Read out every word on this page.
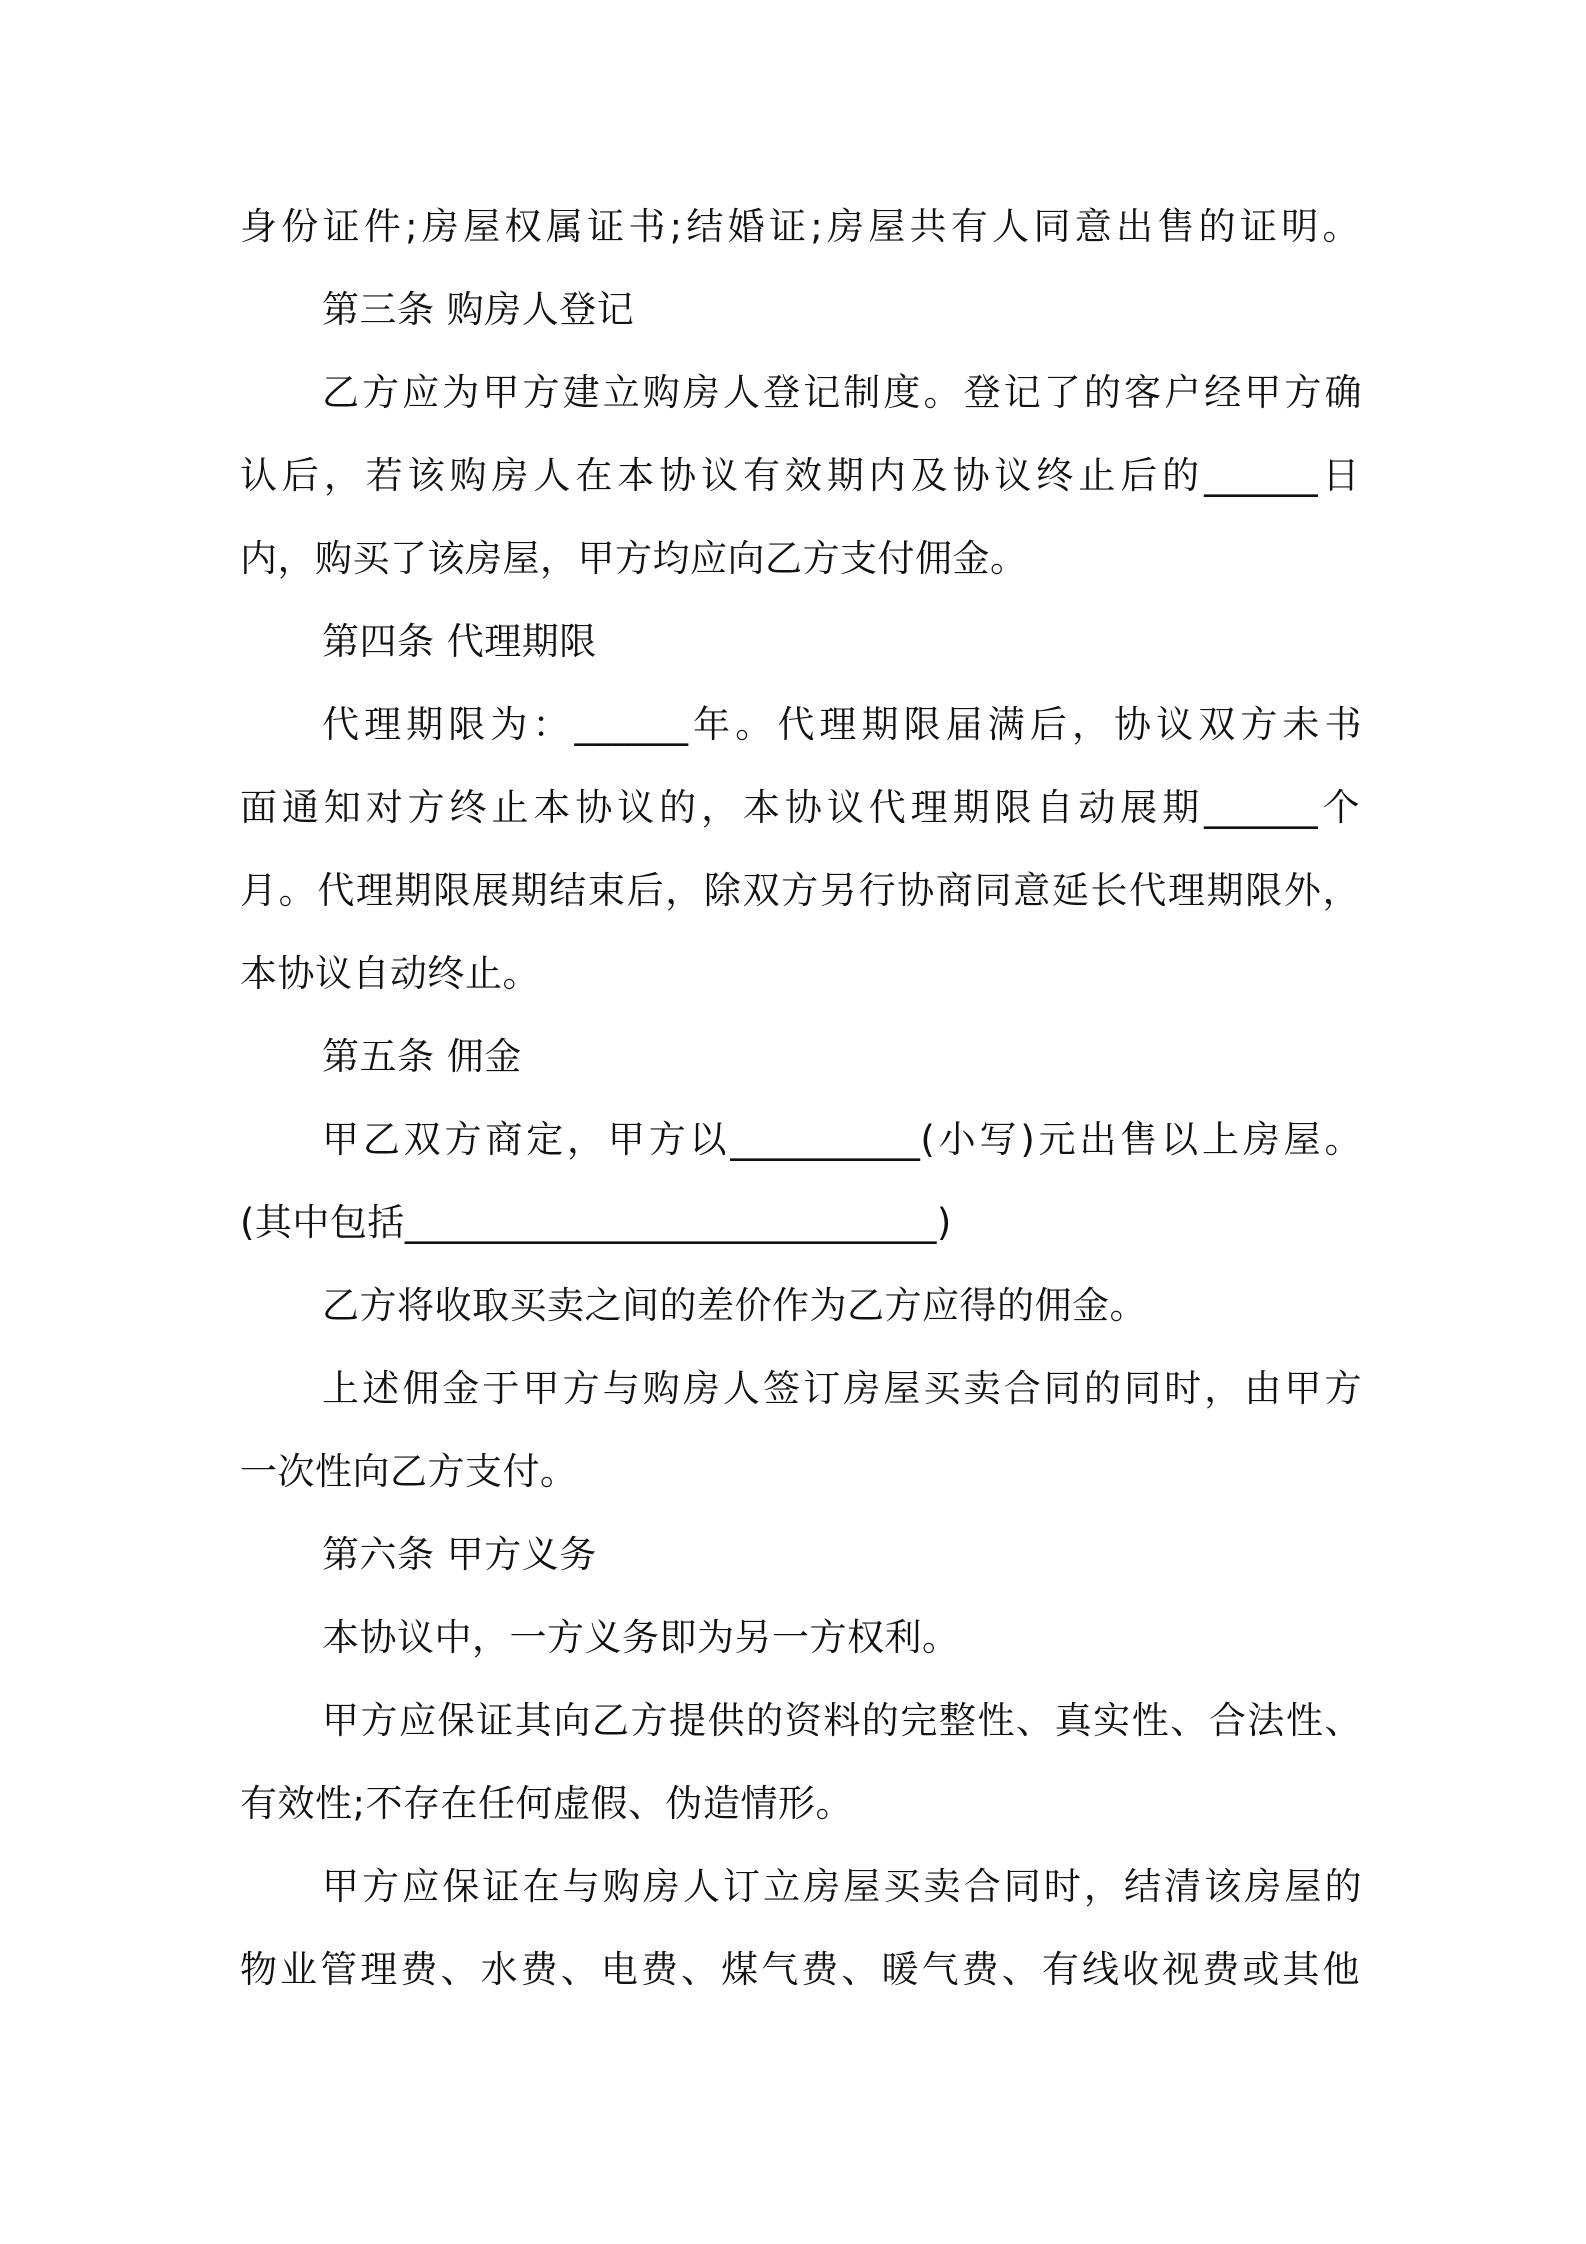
身份证件;房屋权属证书;结婚证;房屋共有人同意出售的证明。
第三条 购房人登记
乙方应为甲方建立购房人登记制度。登记了的客户经甲方确
认后，若该购房人在本协议有效期内及协议终止后的______日
内，购买了该房屋，甲方均应向乙方支付佣金。
第四条 代理期限
代理期限为：______年。代理期限届满后，协议双方未书
面通知对方终止本协议的，本协议代理期限自动展期______个
月。代理期限展期结束后，除双方另行协商同意延长代理期限外，
本协议自动终止。
第五条 佣金
甲乙双方商定，甲方以__________(小写)元出售以上房屋。
(其中包括____________________________)
乙方将收取买卖之间的差价作为乙方应得的佣金。
上述佣金于甲方与购房人签订房屋买卖合同的同时，由甲方
一次性向乙方支付。
第六条 甲方义务
本协议中，一方义务即为另一方权利。
甲方应保证其向乙方提供的资料的完整性、真实性、合法性、
有效性;不存在任何虚假、伪造情形。
甲方应保证在与购房人订立房屋买卖合同时，结清该房屋的
物业管理费、水费、电费、煤气费、暖气费、有线收视费或其他
